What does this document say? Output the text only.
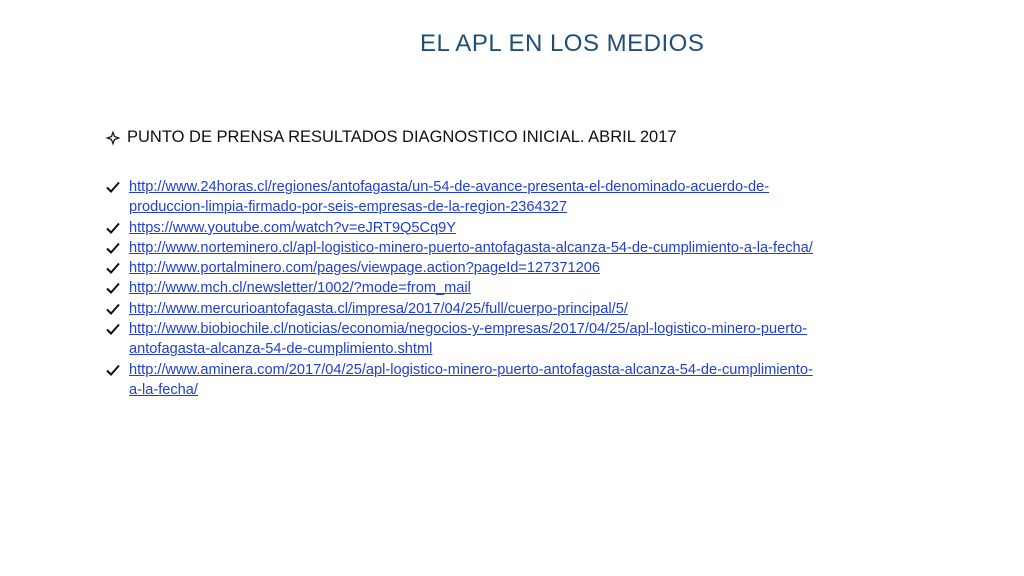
EL APL EN LOS MEDIOS
PUNTO DE PRENSA RESULTADOS DIAGNOSTICO INICIAL. ABRIL 2017
http://www.24horas.cl/regiones/antofagasta/un-54-de-avance-presenta-el-denominado-acuerdo-de-
produccion-limpia-firmado-por-seis-empresas-de-la-region-2364327
https://www.youtube.com/watch?v=eJRT9Q5Cq9Y
http://www.norteminero.cl/apl-logistico-minero-puerto-antofagasta-alcanza-54-de-cumplimiento-a-la-fecha/
http://www.portalminero.com/pages/viewpage.action?pageId=127371206
http://www.mch.cl/newsletter/1002/?mode=from_mail
http://www.mercurioantofagasta.cl/impresa/2017/04/25/full/cuerpo-principal/5/
http://www.biobiochile.cl/noticias/economia/negocios-y-empresas/2017/04/25/apl-logistico-minero-puerto-
antofagasta-alcanza-54-de-cumplimiento.shtml
http://www.aminera.com/2017/04/25/apl-logistico-minero-puerto-antofagasta-alcanza-54-de-cumplimiento-
a-la-fecha/
